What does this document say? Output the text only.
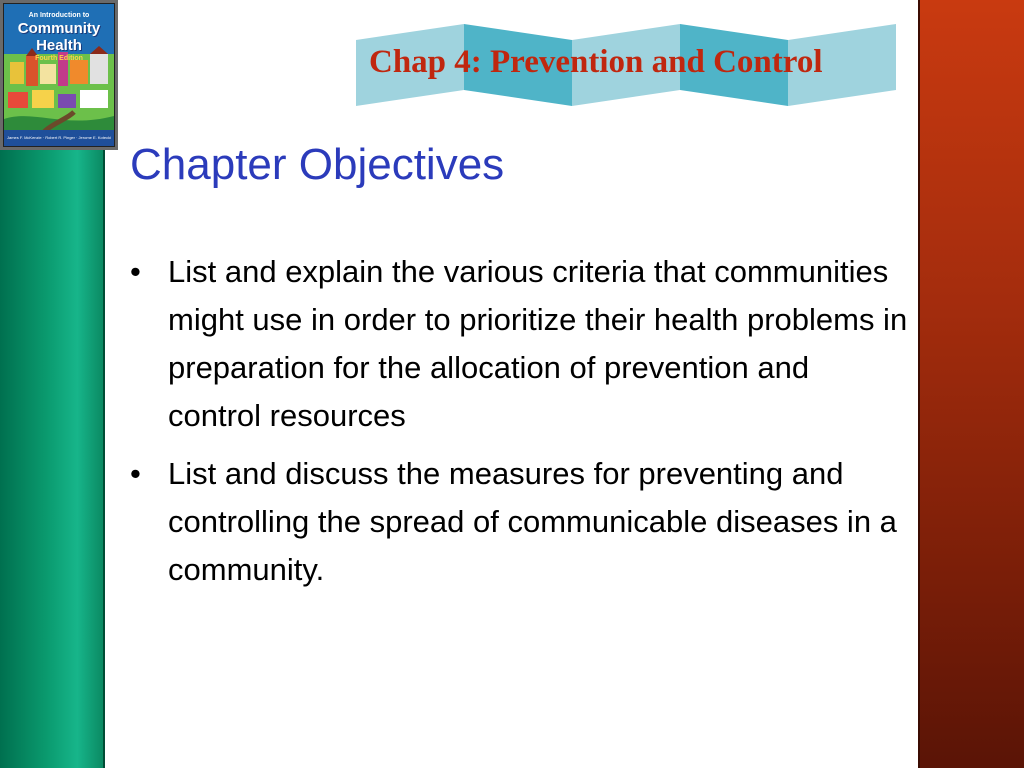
An Introduction to
Community
Health
Fourth Edition
James F. McKenzie · Robert R. Pinger · Jerome E. Kotecki
Chap 4: Prevention and Control
Chapter Objectives
• List and explain the various criteria that communities might use in order to prioritize their health problems in preparation for the allocation of prevention and control resources
• List and discuss the measures for preventing and controlling the spread of communicable diseases in a community.
